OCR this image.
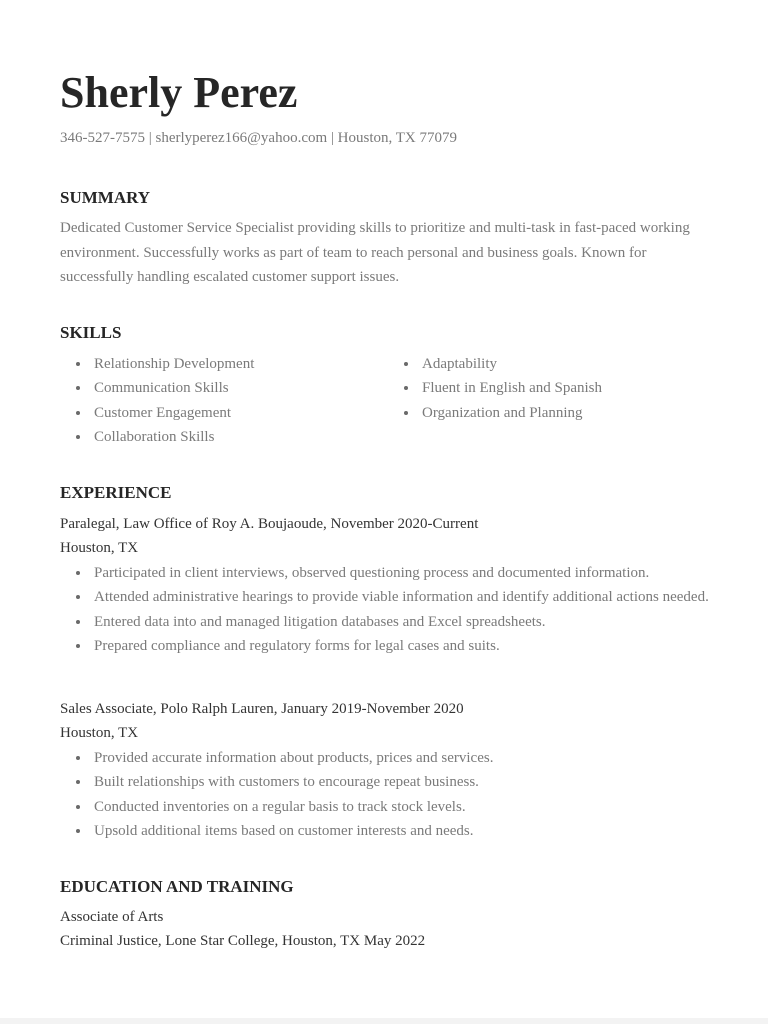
Sherly Perez
346-527-7575 | sherlyperez166@yahoo.com | Houston, TX 77079
SUMMARY
Dedicated Customer Service Specialist providing skills to prioritize and multi-task in fast-paced working environment. Successfully works as part of team to reach personal and business goals. Known for successfully handling escalated customer support issues.
SKILLS
Relationship Development
Communication Skills
Customer Engagement
Collaboration Skills
Adaptability
Fluent in English and Spanish
Organization and Planning
EXPERIENCE
Paralegal, Law Office of Roy A. Boujaoude, November 2020-Current
Houston, TX
Participated in client interviews, observed questioning process and documented information.
Attended administrative hearings to provide viable information and identify additional actions needed.
Entered data into and managed litigation databases and Excel spreadsheets.
Prepared compliance and regulatory forms for legal cases and suits.
Sales Associate, Polo Ralph Lauren, January 2019-November 2020
Houston, TX
Provided accurate information about products, prices and services.
Built relationships with customers to encourage repeat business.
Conducted inventories on a regular basis to track stock levels.
Upsold additional items based on customer interests and needs.
EDUCATION AND TRAINING
Associate of Arts
Criminal Justice, Lone Star College, Houston, TX May 2022
